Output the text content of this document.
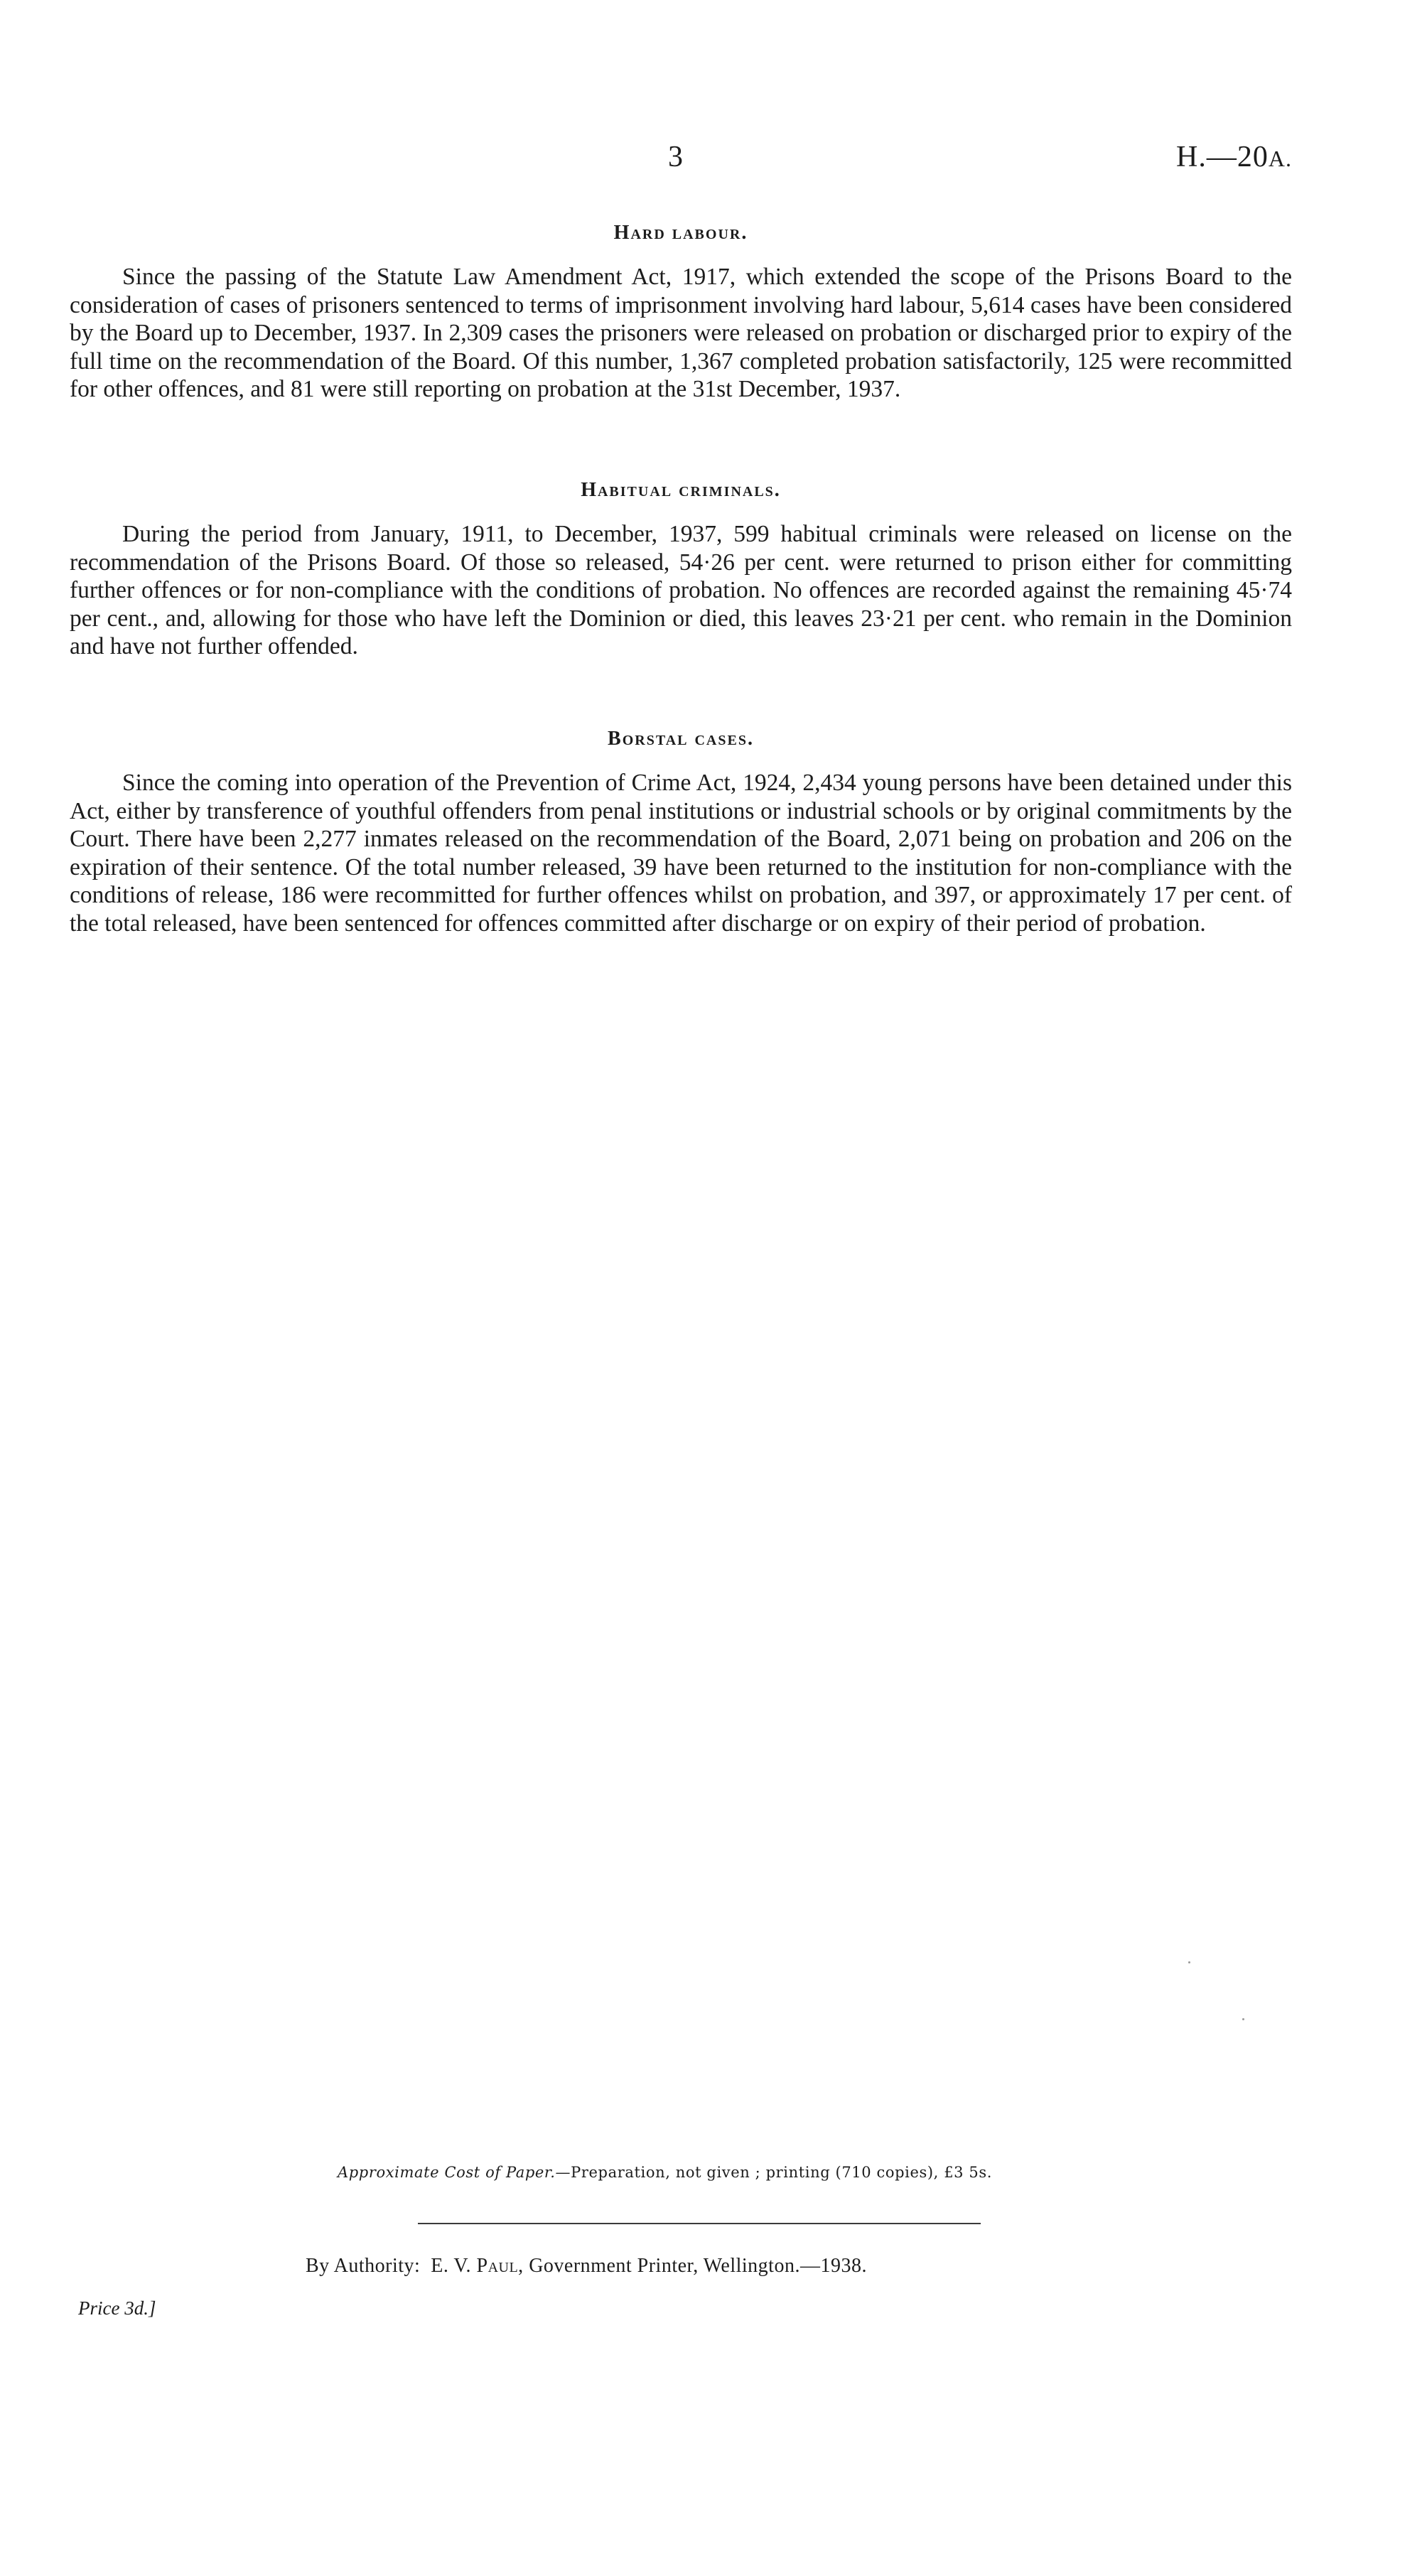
3	H.—20A.
Hard labour.

Since the passing of the Statute Law Amendment Act, 1917, which extended the scope of the Prisons Board to the consideration of cases of prisoners sentenced to terms of imprisonment involving hard labour, 5,614 cases have been considered by the Board up to December, 1937. In 2,309 cases the prisoners were released on probation or discharged prior to expiry of the full time on the recommendation of the Board. Of this number, 1,367 completed probation satisfactorily, 125 were recommitted for other offences, and 81 were still reporting on probation at the 31st December, 1937.

Habitual criminals.

During the period from January, 1911, to December, 1937, 599 habitual criminals were released on license on the recommendation of the Prisons Board. Of those so released, 54·26 per cent. were returned to prison either for committing further offences or for non-compliance with the conditions of probation. No offences are recorded against the remaining 45·74 per cent., and, allowing for those who have left the Dominion or died, this leaves 23·21 per cent. who remain in the Dominion and have not further offended.

Borstal cases.

Since the coming into operation of the Prevention of Crime Act, 1924, 2,434 young persons have been detained under this Act, either by transference of youthful offenders from penal institutions or industrial schools or by original commitments by the Court. There have been 2,277 inmates released on the recommendation of the Board, 2,071 being on probation and 206 on the expiration of their sentence. Of the total number released, 39 have been returned to the institution for non-compliance with the conditions of release, 186 were recommitted for further offences whilst on probation, and 397, or approximately 17 per cent. of the total released, have been sentenced for offences committed after discharge or on expiry of their period of probation.

Approximate Cost of Paper.—Preparation, not given ; printing (710 copies), £3 5s.
By Authority: E. V. Paul, Government Printer, Wellington.—1938.
Price 3d.]
